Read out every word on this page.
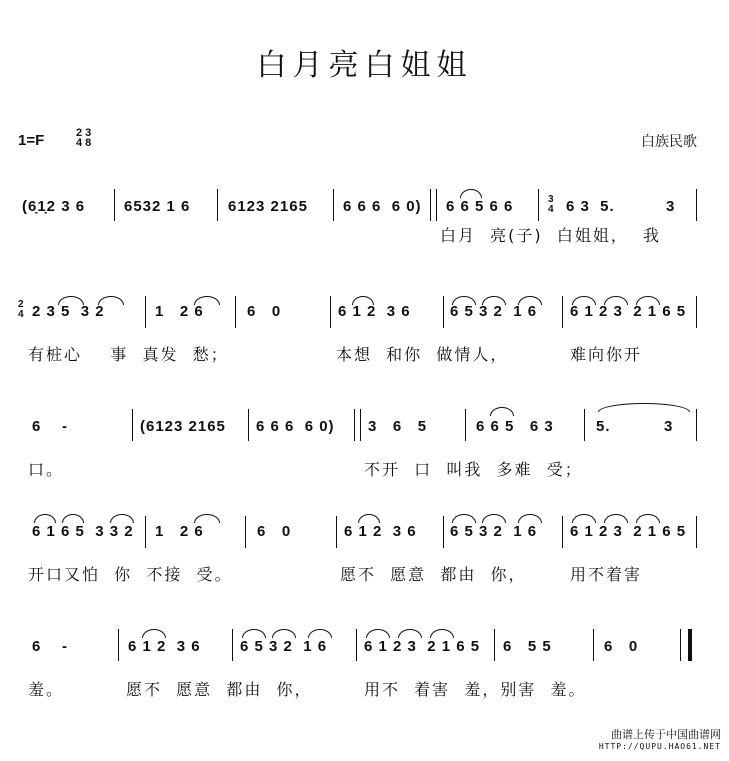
白月亮白姐姐
1=F	2 3
4 8	白族民歌
(6̣1̣2 3 6	6532 1 6	6123 2165 6 6 6  6 0) 6 6 5 6 6	3
4 6 3  5.	3
白月  亮(子)  白姐姐，  我
2
4 2 3 5  3 2	1   2 6	6   0	6 1 2  3 6	6 5 3 2  1 6 6 1 2 3  2 1 6 5
有桩心    事  真发  愁；	本想  和你  做情人，	难向你开
6    -	(6123 2165 6 6 6  6 0) 3   6   5	6 6 5   6 3	5.	3
口。	不开  口  叫我  多难  受；
6 1 6 5  3 3 2 1   2 6	6   0	6 1 2  3 6 6 5 3 2  1 6 6 1 2 3  2 1 6 5
开口又怕  你  不接  受。	愿不  愿意  都由  你，	用不着害
6    -	6 1 2  3 6	6 5 3 2  1 6 6 1 2 3  2 1 6 5 6   5 5	6   0
羞。	愿不  愿意  都由  你，	用不  着害  羞，别害  羞。
曲谱上传于中国曲谱网
HTTP://QUPU.HAO61.NET
